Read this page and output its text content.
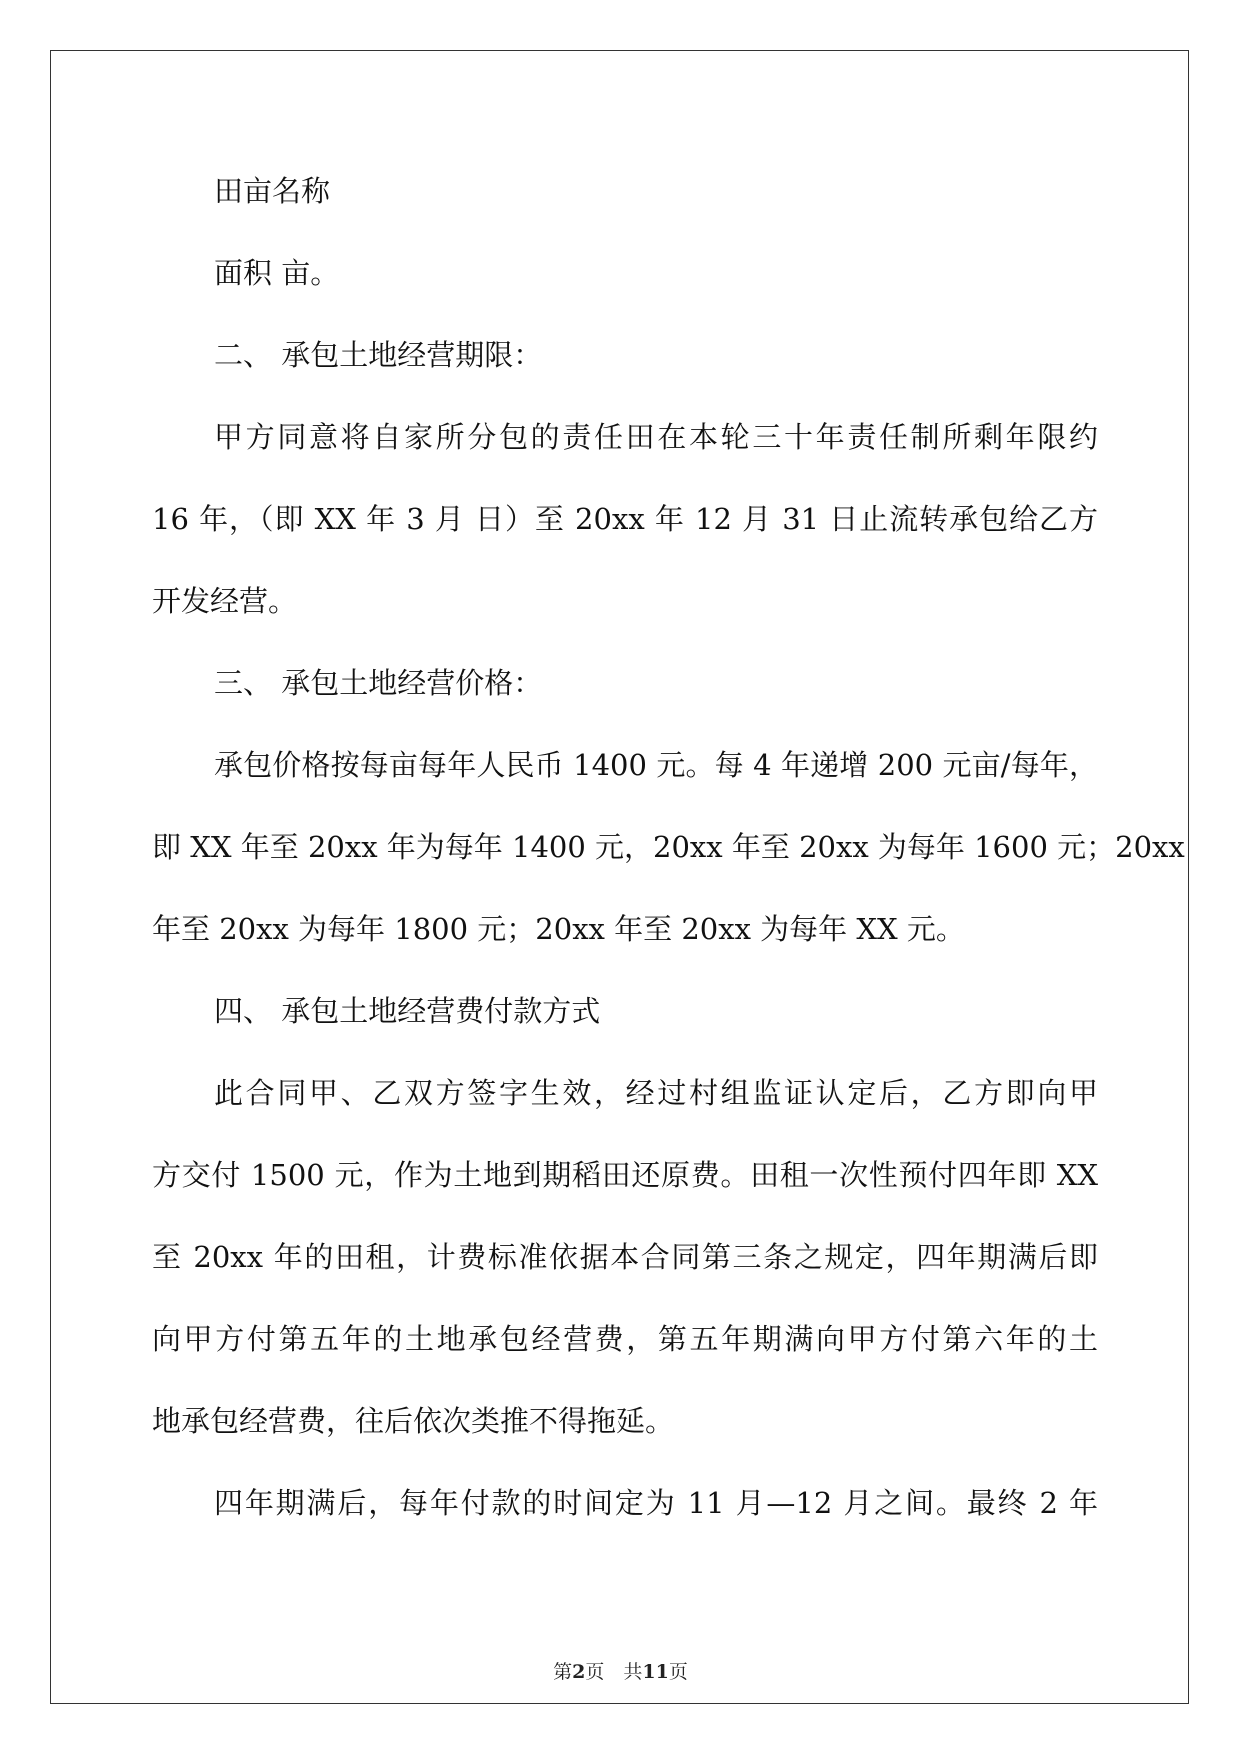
田亩名称
面积 亩。
二、 承包土地经营期限：
甲方同意将自家所分包的责任田在本轮三十年责任制所剩年限约
16 年，（即 XX 年 3 月 日）至 20xx 年 12 月 31 日止流转承包给乙方
开发经营。
三、 承包土地经营价格：
承包价格按每亩每年人民币 1400 元。每 4 年递增 200 元亩/每年，
即 XX 年至 20xx 年为每年 1400 元，20xx 年至 20xx 为每年 1600 元；20xx
年至 20xx 为每年 1800 元；20xx 年至 20xx 为每年 XX 元。
四、 承包土地经营费付款方式
此合同甲、乙双方签字生效，经过村组监证认定后，乙方即向甲
方交付 1500 元，作为土地到期稻田还原费。田租一次性预付四年即 XX
至 20xx 年的田租，计费标准依据本合同第三条之规定，四年期满后即
向甲方付第五年的土地承包经营费，第五年期满向甲方付第六年的土
地承包经营费，往后依次类推不得拖延。
四年期满后，每年付款的时间定为 11 月—12 月之间。最终 2 年
第2页　共11页
